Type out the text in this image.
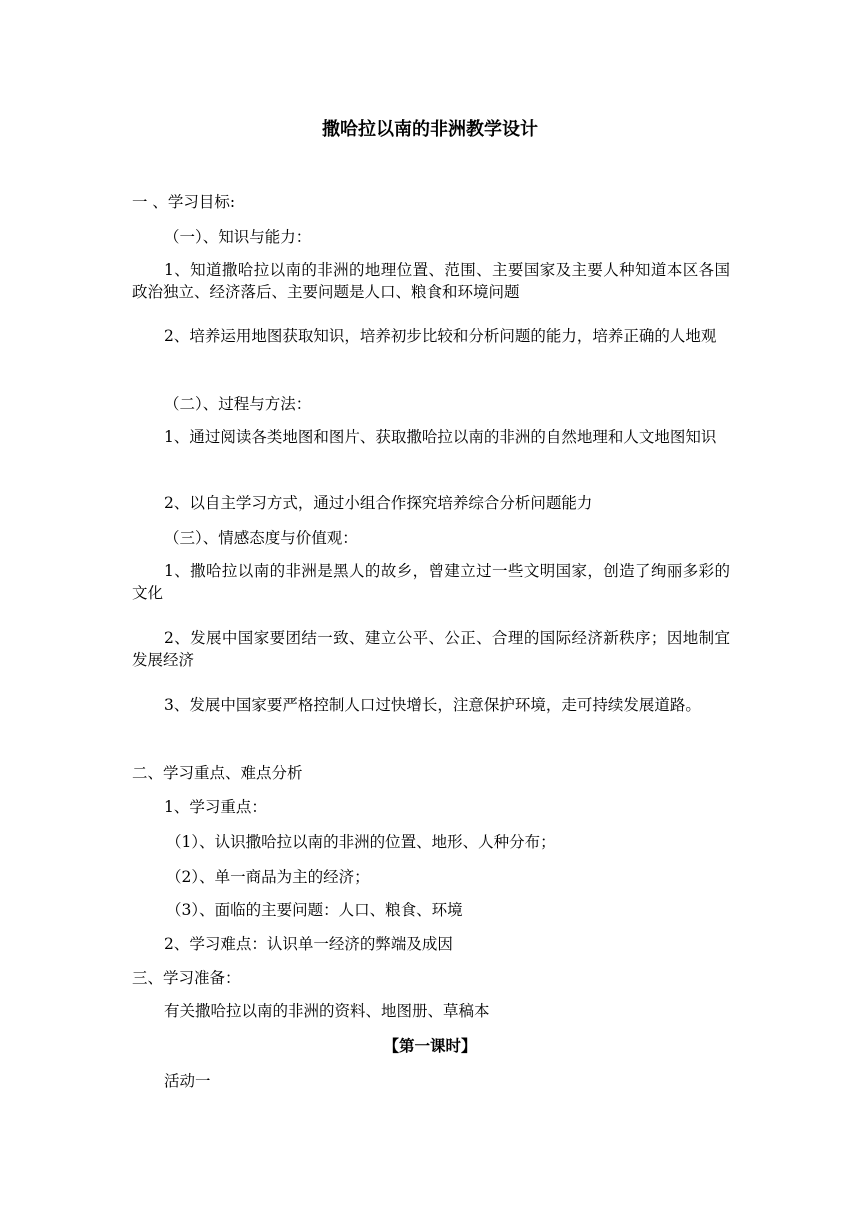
撒哈拉以南的非洲教学设计
一 、学习目标:
（一）、知识与能力：
1、知道撒哈拉以南的非洲的地理位置、范围、主要国家及主要人种知道本区各国政治独立、经济落后、主要问题是人口、粮食和环境问题
2、培养运用地图获取知识，培养初步比较和分析问题的能力，培养正确的人地观
（二）、过程与方法：
1、通过阅读各类地图和图片、获取撒哈拉以南的非洲的自然地理和人文地图知识
2、以自主学习方式，通过小组合作探究培养综合分析问题能力
（三）、情感态度与价值观：
1、撒哈拉以南的非洲是黑人的故乡，曾建立过一些文明国家，创造了绚丽多彩的文化
2、发展中国家要团结一致、建立公平、公正、合理的国际经济新秩序；因地制宜发展经济
3、发展中国家要严格控制人口过快增长，注意保护环境，走可持续发展道路。
二、学习重点、难点分析
1、学习重点：
（1）、认识撒哈拉以南的非洲的位置、地形、人种分布；
（2）、单一商品为主的经济；
（3）、面临的主要问题：人口、粮食、环境
2、学习难点：认识单一经济的弊端及成因
三、学习准备：
有关撒哈拉以南的非洲的资料、地图册、草稿本
【第一课时】
活动一
